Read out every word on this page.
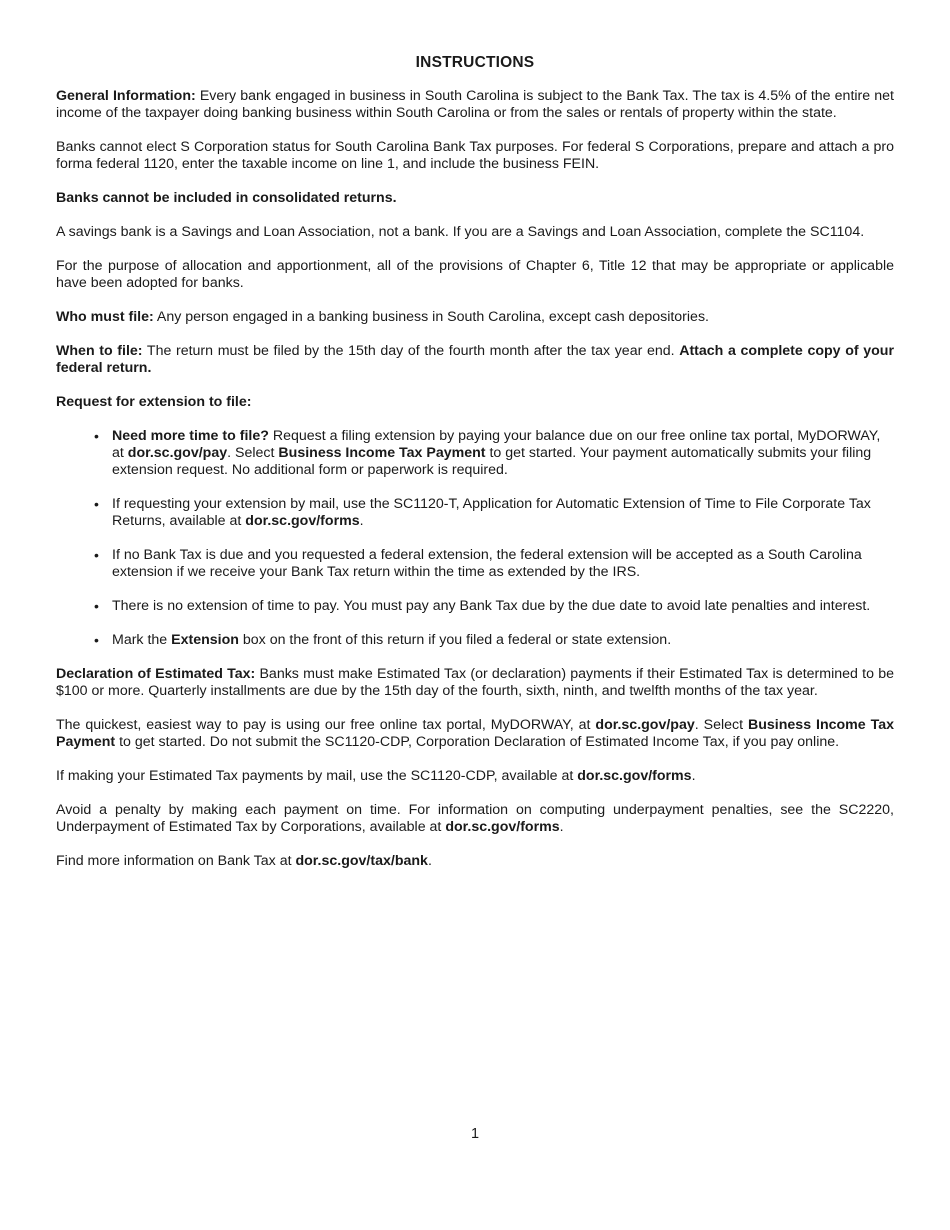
INSTRUCTIONS

General Information: Every bank engaged in business in South Carolina is subject to the Bank Tax. The tax is 4.5% of the entire net income of the taxpayer doing banking business within South Carolina or from the sales or rentals of property within the state.

Banks cannot elect S Corporation status for South Carolina Bank Tax purposes. For federal S Corporations, prepare and attach a pro forma federal 1120, enter the taxable income on line 1, and include the business FEIN.

Banks cannot be included in consolidated returns.

A savings bank is a Savings and Loan Association, not a bank. If you are a Savings and Loan Association, complete the SC1104.

For the purpose of allocation and apportionment, all of the provisions of Chapter 6, Title 12 that may be appropriate or applicable have been adopted for banks.

Who must file: Any person engaged in a banking business in South Carolina, except cash depositories.

When to file: The return must be filed by the 15th day of the fourth month after the tax year end. Attach a complete copy of your federal return.

Request for extension to file:

• Need more time to file? Request a filing extension by paying your balance due on our free online tax portal, MyDORWAY, at dor.sc.gov/pay. Select Business Income Tax Payment to get started. Your payment automatically submits your filing extension request. No additional form or paperwork is required.
• If requesting your extension by mail, use the SC1120-T, Application for Automatic Extension of Time to File Corporate Tax Returns, available at dor.sc.gov/forms.
• If no Bank Tax is due and you requested a federal extension, the federal extension will be accepted as a South Carolina extension if we receive your Bank Tax return within the time as extended by the IRS.
• There is no extension of time to pay. You must pay any Bank Tax due by the due date to avoid late penalties and interest.
• Mark the Extension box on the front of this return if you filed a federal or state extension.

Declaration of Estimated Tax: Banks must make Estimated Tax (or declaration) payments if their Estimated Tax is determined to be $100 or more. Quarterly installments are due by the 15th day of the fourth, sixth, ninth, and twelfth months of the tax year.

The quickest, easiest way to pay is using our free online tax portal, MyDORWAY, at dor.sc.gov/pay. Select Business Income Tax Payment to get started. Do not submit the SC1120-CDP, Corporation Declaration of Estimated Income Tax, if you pay online.

If making your Estimated Tax payments by mail, use the SC1120-CDP, available at dor.sc.gov/forms.

Avoid a penalty by making each payment on time. For information on computing underpayment penalties, see the SC2220, Underpayment of Estimated Tax by Corporations, available at dor.sc.gov/forms.

Find more information on Bank Tax at dor.sc.gov/tax/bank.

1
